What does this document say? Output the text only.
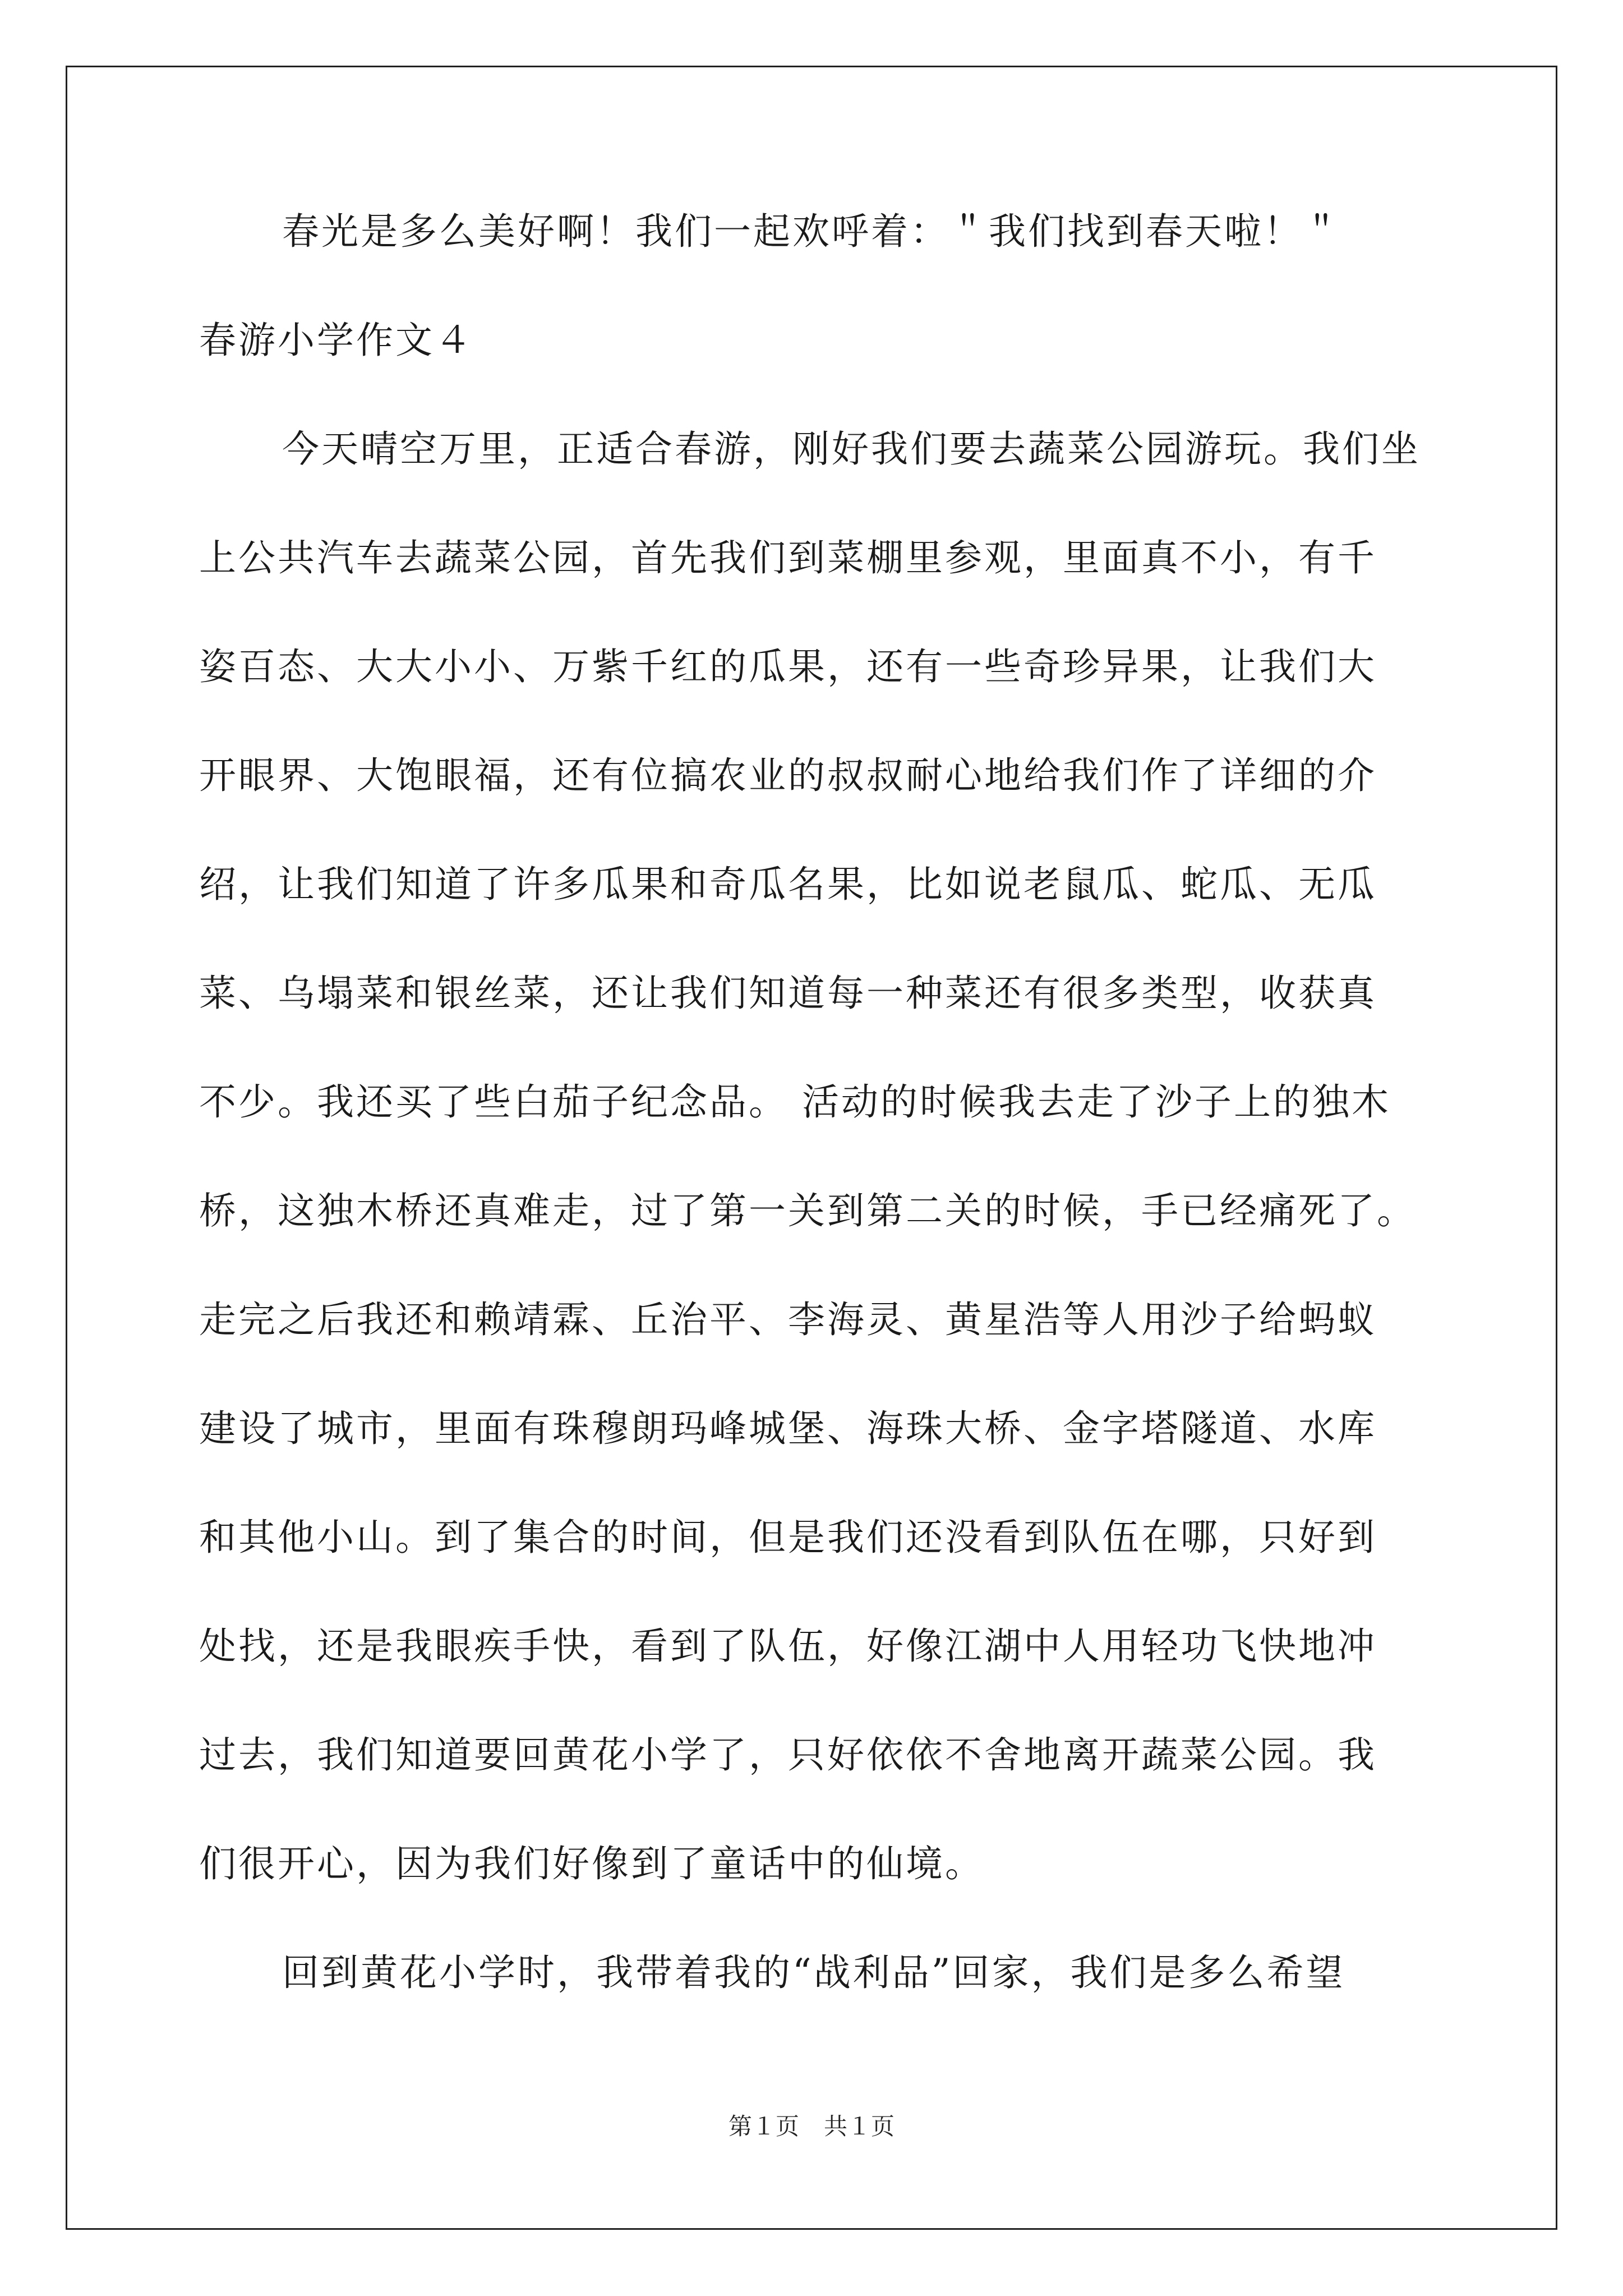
春光是多么美好啊！我们一起欢呼着：＂我们找到春天啦！＂
春游小学作文４
今天晴空万里，正适合春游，刚好我们要去蔬菜公园游玩。我们坐
上公共汽车去蔬菜公园，首先我们到菜棚里参观，里面真不小，有千
姿百态、大大小小、万紫千红的瓜果，还有一些奇珍异果，让我们大
开眼界、大饱眼福，还有位搞农业的叔叔耐心地给我们作了详细的介
绍，让我们知道了许多瓜果和奇瓜名果，比如说老鼠瓜、蛇瓜、无瓜
菜、乌塌菜和银丝菜，还让我们知道每一种菜还有很多类型，收获真
不少。我还买了些白茄子纪念品。 活动的时候我去走了沙子上的独木
桥，这独木桥还真难走，过了第一关到第二关的时候，手已经痛死了。
走完之后我还和赖靖霖、丘治平、李海灵、黄星浩等人用沙子给蚂蚁
建设了城市，里面有珠穆朗玛峰城堡、海珠大桥、金字塔隧道、水库
和其他小山。到了集合的时间，但是我们还没看到队伍在哪，只好到
处找，还是我眼疾手快，看到了队伍，好像江湖中人用轻功飞快地冲
过去，我们知道要回黄花小学了，只好依依不舍地离开蔬菜公园。我
们很开心，因为我们好像到了童话中的仙境。
回到黄花小学时，我带着我的“战利品”回家，我们是多么希望
第１页 共１页
